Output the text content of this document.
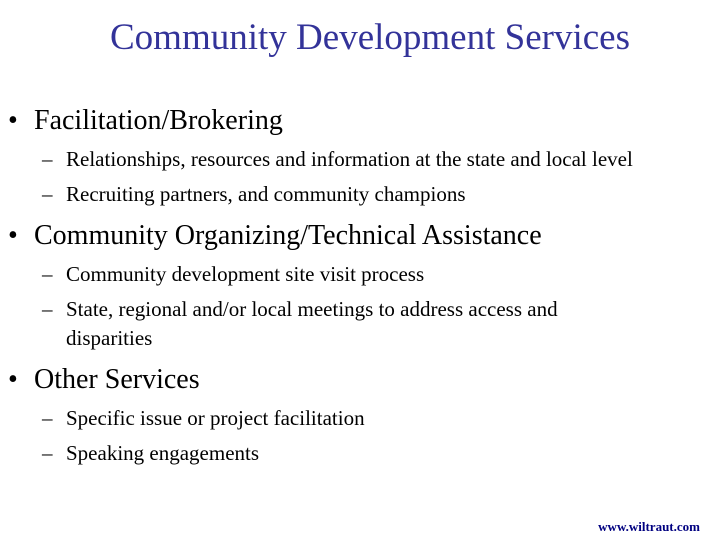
Community Development Services
• Facilitation/Brokering
– Relationships, resources and information at the state and local level
– Recruiting partners, and community champions
• Community Organizing/Technical Assistance
– Community development site visit process
– State, regional and/or local meetings to address access and
disparities
• Other Services
– Specific issue or project facilitation
– Speaking engagements
www.wiltraut.com
